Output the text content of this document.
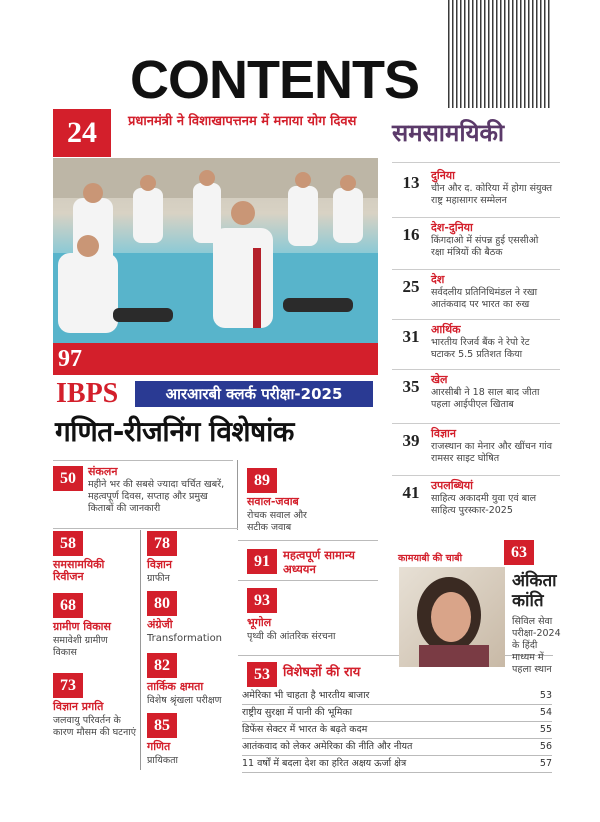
CONTENTS
24	प्रधानमंत्री ने विशाखापत्तनम में मनाया योग दिवस
97
IBPS	आरआरबी क्लर्क परीक्षा-2025
गणित-रीजनिंग विशेषांक
समसामयिकी
13	दुनिया
चीन और द. कोरिया में होगा संयुक्त राष्ट्र महासागर सम्मेलन
16	देश-दुनिया
किंगदाओ में संपन्न हुई एससीओ रक्षा मंत्रियों की बैठक
25	देश
सर्वदलीय प्रतिनिधिमंडल ने रखा आतंकवाद पर भारत का रुख
31	आर्थिक
भारतीय रिजर्व बैंक ने रेपो रेट घटाकर 5.5 प्रतिशत किया
35	खेल
आरसीबी ने 18 साल बाद जीता पहला आईपीएल खिताब
39	विज्ञान
राजस्थान का मेनार और खींचन गांव रामसर साइट घोषित
41	उपलब्धियां
साहित्य अकादमी युवा एवं बाल साहित्य पुरस्कार-2025
50	संकलन
महीने भर की सबसे ज्यादा चर्चित खबरें, महत्वपूर्ण दिवस, सप्ताह और प्रमुख किताबों की जानकारी
58
समसामयिकी रिवीजन
68
ग्रामीण विकास
समावेशी ग्रामीण विकास
73
विज्ञान प्रगति
जलवायु परिवर्तन के कारण मौसम की घटनाएं
78
विज्ञान
ग्राफीन
80
अंग्रेजी
Transformation
82
तार्किक क्षमता
विशेष श्रृंखला परीक्षण
85
गणित
प्रायिकता
89
सवाल-जवाब
रोचक सवाल और सटीक जवाब
91	महत्वपूर्ण सामान्य अध्ययन
93
भूगोल
पृथ्वी की आंतरिक संरचना
कामयाबी की चाबी	63
अंकिता
कांति
सिविल सेवा परीक्षा-2024 के हिंदी माध्यम में पहला स्थान
53	विशेषज्ञों की राय
अमेरिका भी चाहता है भारतीय बाजार	53
राष्ट्रीय सुरक्षा में पानी की भूमिका	54
डिफेंस सेक्टर में भारत के बढ़ते कदम	55
आतंकवाद को लेकर अमेरिका की नीति और नीयत	56
11 वर्षों में बदला देश का हरित अक्षय ऊर्जा क्षेत्र	57
